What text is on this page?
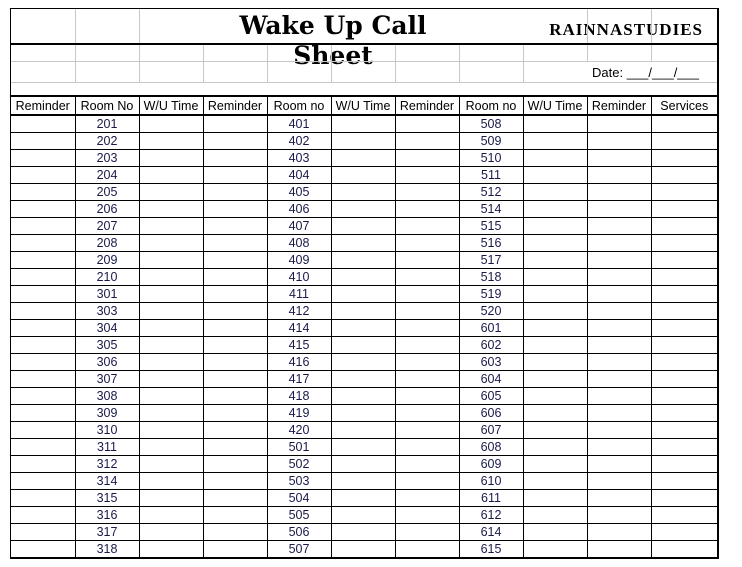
Wake Up Call Sheet
RAINNASTUDIES
Date: ___/___/___
Reminder	Room No	W/U Time	Reminder	Room no	W/U Time	Reminder	Room no	W/U Time	Reminder	Services
	201			401			508			
	202			402			509			
	203			403			510			
	204			404			511			
	205			405			512			
	206			406			514			
	207			407			515			
	208			408			516			
	209			409			517			
	210			410			518			
	301			411			519			
	303			412			520			
	304			414			601			
	305			415			602			
	306			416			603			
	307			417			604			
	308			418			605			
	309			419			606			
	310			420			607			
	311			501			608			
	312			502			609			
	314			503			610			
	315			504			611			
	316			505			612			
	317			506			614			
	318			507			615			
